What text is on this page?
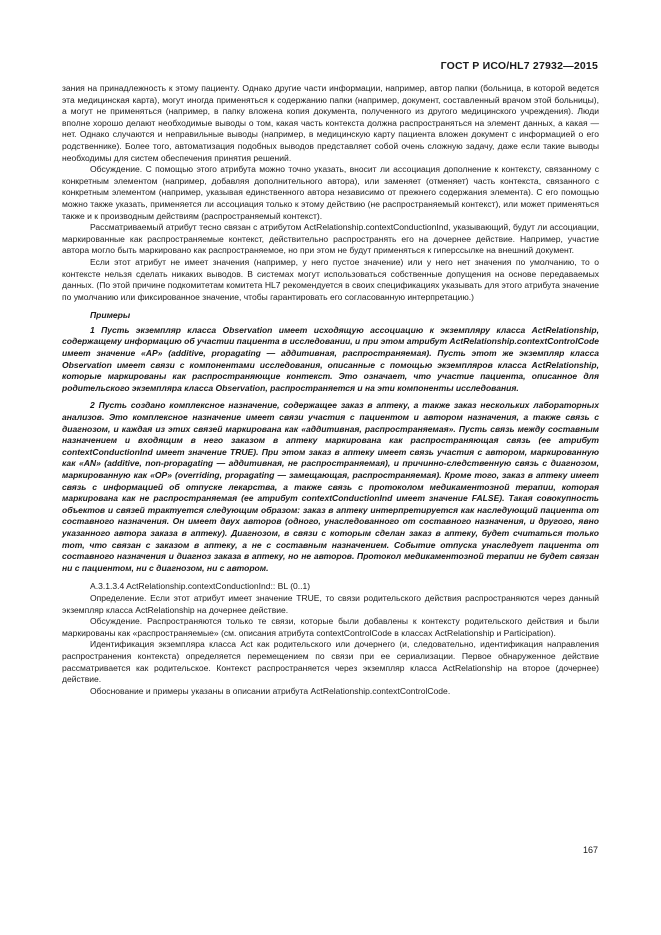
ГОСТ Р ИСО/HL7 27932—2015

зания на принадлежность к этому пациенту. Однако другие части информации, например, автор папки (больница, в которой ведется эта медицинская карта), могут иногда применяться к содержанию папки (например, документ, составленный врачом этой больницы), а могут не применяться (например, в папку вложена копия документа, полученного из другого медицинского учреждения). Люди вполне хорошо делают необходимые выводы о том, какая часть контекста должна распространяться на элемент данных, а какая — нет. Однако случаются и неправильные выводы (например, в медицинскую карту пациента вложен документ с информацией о его родственнике). Более того, автоматизация подобных выводов представляет собой очень сложную задачу, даже если такие выводы необходимы для систем обеспечения принятия решений.

Обсуждение. С помощью этого атрибута можно точно указать, вносит ли ассоциация дополнение к контексту, связанному с конкретным элементом (например, добавляя дополнительного автора), или заменяет (отменяет) часть контекста, связанного с конкретным элементом (например, указывая единственного автора независимо от прежнего содержания элемента). С его помощью можно также указать, применяется ли ассоциация только к этому действию (не распространяемый контекст), или может применяться также и к производным действиям (распространяемый контекст).

Рассматриваемый атрибут тесно связан с атрибутом ActRelationship.contextConductionInd, указывающий, будут ли ассоциации, маркированные как распространяемые контекст, действительно распространять его на дочернее действие. Например, участие автора могло быть маркировано как распространяемое, но при этом не будут применяться к гиперссылке на внешний документ.

Если этот атрибут не имеет значения (например, у него пустое значение) или у него нет значения по умолчанию, то о контексте нельзя сделать никаких выводов. В системах могут использоваться собственные допущения на основе передаваемых данных. (По этой причине подкомитетам комитета HL7 рекомендуется в своих спецификациях указывать для этого атрибута значение по умолчанию или фиксированное значение, чтобы гарантировать его согласованную интерпретацию.)

Примеры

1 Пусть экземпляр класса Observation имеет исходящую ассоциацию к экземпляру класса ActRelationship, содержащему информацию об участии пациента в исследовании, и при этом атрибут ActRelationship.contextControlCode имеет значение «AP» (additive, propagating — аддитивная, распространяемая). Пусть этот же экземпляр класса Observation имеет связи с компонентами исследования, описанные с помощью экземпляров класса ActRelationship, которые маркированы как распространяющие контекст. Это означает, что участие пациента, описанное для родительского экземпляра класса Observation, распространяется и на эти компоненты исследования.

2 Пусть создано комплексное назначение, содержащее заказ в аптеку, а также заказ нескольких лабораторных анализов. Это комплексное назначение имеет связи участия с пациентом и автором назначения, а также связь с диагнозом, и каждая из этих связей маркирована как «аддитивная, распространяемая». Пусть связь между составным назначением и входящим в него заказом в аптеку маркирована как распространяющая связь (ее атрибут contextConductionInd имеет значение TRUE). При этом заказ в аптеку имеет связь участия с автором, маркированную как «AN» (additive, non-propagating — аддитивная, не распространяемая), и причинно-следственную связь с диагнозом, маркированную как «OP» (overriding, propagating — замещающая, распространяемая). Кроме того, заказ в аптеку имеет связь с информацией об отпуске лекарства, а также связь с протоколом медикаментозной терапии, которая маркирована как не распространяемая (ее атрибут contextConductionInd имеет значение FALSE). Такая совокупность объектов и связей трактуется следующим образом: заказ в аптеку интерпретируется как наследующий пациента от составного назначения. Он имеет двух авторов (одного, унаследованного от составного назначения, и другого, явно указанного автора заказа в аптеку). Диагнозом, в связи с которым сделан заказ в аптеку, будет считаться только тот, что связан с заказом в аптеку, а не с составным назначением. Событие отпуска унаследует пациента от составного назначения и диагноз заказа в аптеку, но не авторов. Протокол медикаментозной терапии не будет связан ни с пациентом, ни с диагнозом, ни с автором.

A.3.1.3.4 ActRelationship.contextConductionInd:: BL (0..1)

Определение. Если этот атрибут имеет значение TRUE, то связи родительского действия распространяются через данный экземпляр класса ActRelationship на дочернее действие.

Обсуждение. Распространяются только те связи, которые были добавлены к контексту родительского действия и были маркированы как «распространяемые» (см. описания атрибута contextControlCode в классах ActRelationship и Participation).

Идентификация экземпляра класса Act как родительского или дочернего (и, следовательно, идентификация направления распространения контекста) определяется перемещением по связи при ее сериализации. Первое обнаруженное действие рассматривается как родительское. Контекст распространяется через экземпляр класса ActRelationship на второе (дочернее) действие.

Обоснование и примеры указаны в описании атрибута ActRelationship.contextControlCode.

167
